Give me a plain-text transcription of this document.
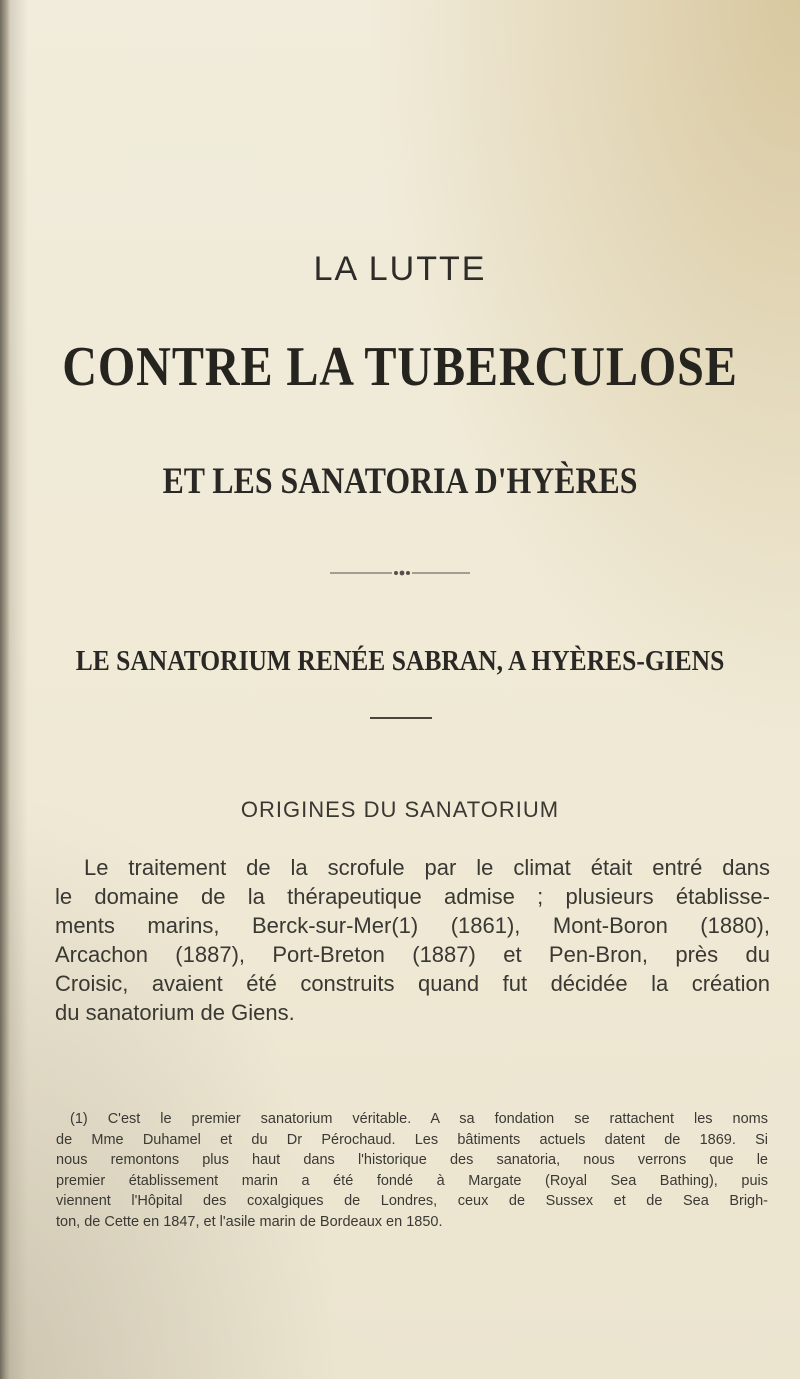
LA LUTTE
CONTRE LA TUBERCULOSE
ET LES SANATORIA D'HYÈRES
LE SANATORIUM RENÉE SABRAN, A HYÈRES-GIENS
ORIGINES DU SANATORIUM
Le traitement de la scrofule par le climat était entré dans
le domaine de la thérapeutique admise ; plusieurs établisse-
ments marins, Berck-sur-Mer(1) (1861), Mont-Boron (1880),
Arcachon (1887), Port-Breton (1887) et Pen-Bron, près du
Croisic, avaient été construits quand fut décidée la création
du sanatorium de Giens.
(1) C'est le premier sanatorium véritable. A sa fondation se rattachent les noms
de Mme Duhamel et du Dr Pérochaud. Les bâtiments actuels datent de 1869. Si
nous remontons plus haut dans l'historique des sanatoria, nous verrons que le
premier établissement marin a été fondé à Margate (Royal Sea Bathing), puis
viennent l'Hôpital des coxalgiques de Londres, ceux de Sussex et de Sea Brigh-
ton, de Cette en 1847, et l'asile marin de Bordeaux en 1850.
